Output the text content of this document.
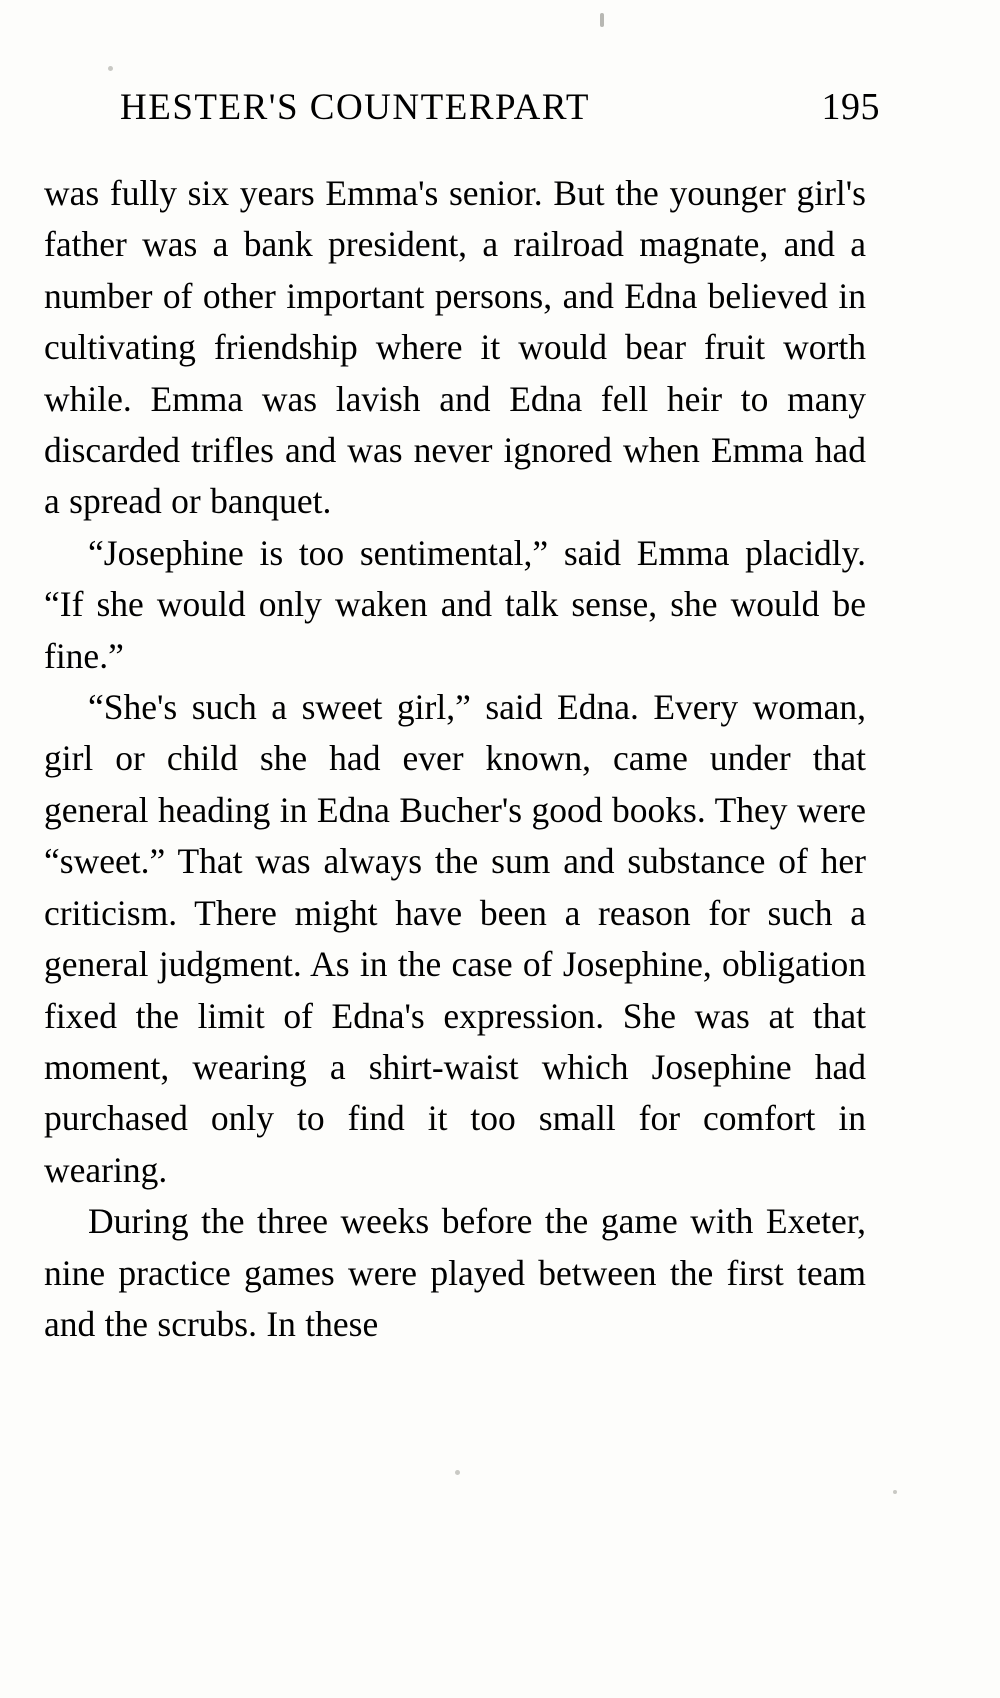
HESTER'S COUNTERPART	195

was fully six years Emma's senior. But the younger girl's father was a bank president, a railroad magnate, and a number of other important persons, and Edna believed in cultivating friendship where it would bear fruit worth while. Emma was lavish and Edna fell heir to many discarded trifles and was never ignored when Emma had a spread or banquet.

“Josephine is too sentimental,” said Emma placidly. “If she would only waken and talk sense, she would be fine.”

“She's such a sweet girl,” said Edna. Every woman, girl or child she had ever known, came under that general heading in Edna Bucher's good books. They were “sweet.” That was always the sum and substance of her criticism. There might have been a reason for such a general judgment. As in the case of Josephine, obligation fixed the limit of Edna's expression. She was at that moment, wearing a shirt-waist which Josephine had purchased only to find it too small for comfort in wearing.

During the three weeks before the game with Exeter, nine practice games were played between the first team and the scrubs. In these
